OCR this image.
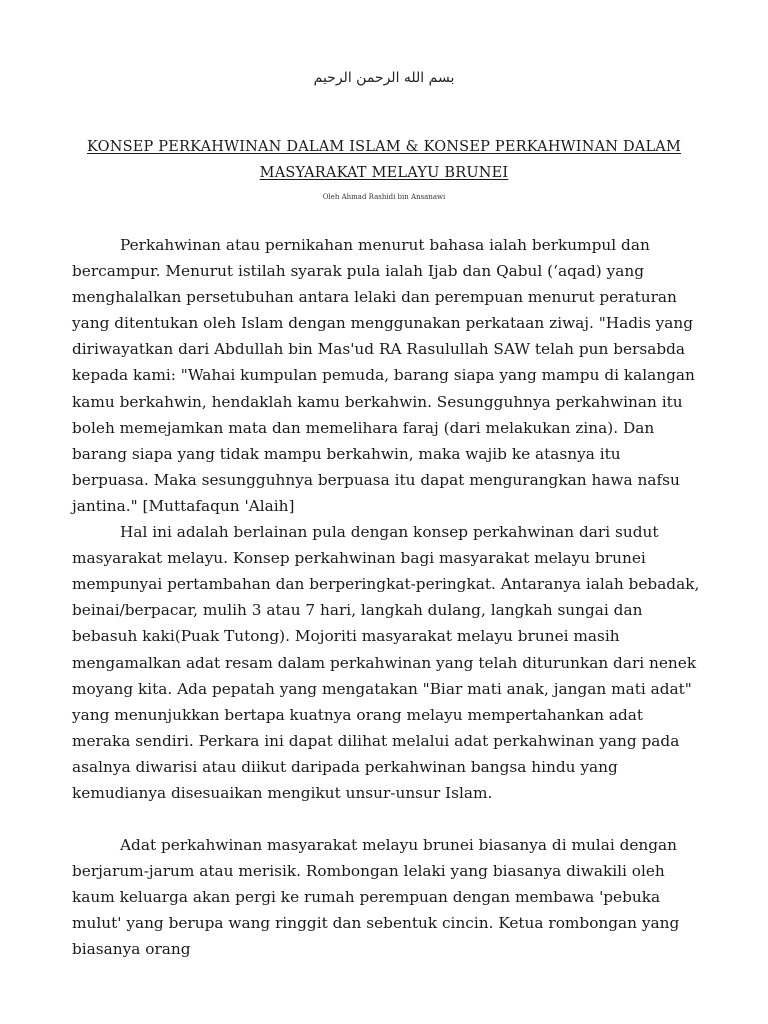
بسم الله الرحمن الرحيم
KONSEP PERKAHWINAN DALAM ISLAM & KONSEP PERKAHWINAN DALAM MASYARAKAT MELAYU BRUNEI
Oleh Ahmad Rashidi bin Ansanawi

Perkahwinan atau pernikahan menurut bahasa ialah berkumpul dan bercampur. Menurut istilah syarak pula ialah Ijab dan Qabul (‘aqad) yang menghalalkan persetubuhan antara lelaki dan perempuan menurut peraturan yang ditentukan oleh Islam dengan menggunakan perkataan ziwaj. "Hadis yang diriwayatkan dari Abdullah bin Mas'ud RA Rasulullah SAW telah pun bersabda kepada kami: "Wahai kumpulan pemuda, barang siapa yang mampu di kalangan kamu berkahwin, hendaklah kamu berkahwin. Sesungguhnya perkahwinan itu boleh memejamkan mata dan memelihara faraj (dari melakukan zina). Dan barang siapa yang tidak mampu berkahwin, maka wajib ke atasnya itu berpuasa. Maka sesungguhnya berpuasa itu dapat mengurangkan hawa nafsu jantina." [Muttafaqun 'Alaih]

Hal ini adalah berlainan pula dengan konsep perkahwinan dari sudut masyarakat melayu. Konsep perkahwinan bagi masyarakat melayu brunei mempunyai pertambahan dan berperingkat-peringkat. Antaranya ialah bebadak, beinai/berpacar, mulih 3 atau 7 hari, langkah dulang, langkah sungai dan bebasuh kaki(Puak Tutong). Mojoriti masyarakat melayu brunei masih mengamalkan adat resam dalam perkahwinan yang telah diturunkan dari nenek moyang kita. Ada pepatah yang mengatakan "Biar mati anak, jangan mati adat" yang menunjukkan bertapa kuatnya orang melayu mempertahankan adat meraka sendiri. Perkara ini dapat dilihat melalui adat perkahwinan yang pada asalnya diwarisi atau diikut daripada perkahwinan bangsa hindu yang kemudianya disesuaikan mengikut unsur-unsur Islam.

Adat perkahwinan masyarakat melayu brunei biasanya di mulai dengan berjarum-jarum atau merisik. Rombongan lelaki yang biasanya diwakili oleh kaum keluarga akan pergi ke rumah perempuan dengan membawa 'pebuka mulut' yang berupa wang ringgit dan sebentuk cincin. Ketua rombongan yang biasanya orang
